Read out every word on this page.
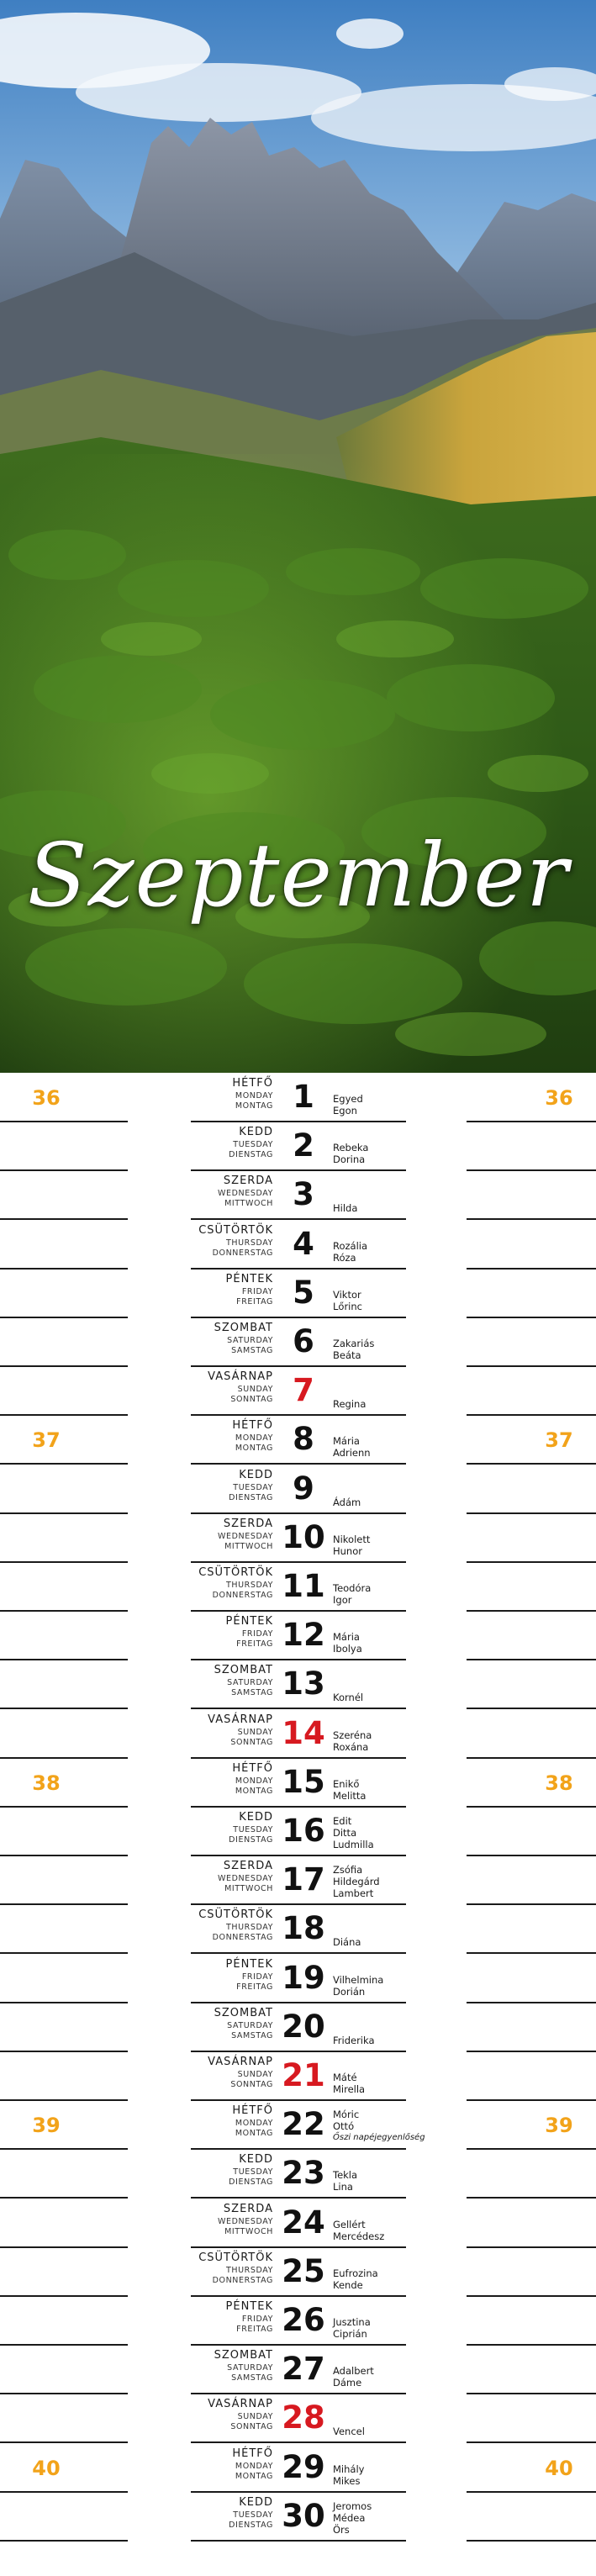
Szeptember
36	36
HÉTFŐ
MONDAY
MONTAG 1	Egyed
Egon
KEDD
TUESDAY
DIENSTAG 2	Rebeka
Dorina
SZERDA
WEDNESDAY
MITTWOCH 3	Hilda
CSÜTÖRTÖK
THURSDAY
DONNERSTAG 4	Rozália
Róza
PÉNTEK
FRIDAY
FREITAG 5	Viktor
Lőrinc
SZOMBAT
SATURDAY
SAMSTAG 6	Zakariás
Beáta
VASÁRNAP
SUNDAY
SONNTAG 7	Regina
37	37
HÉTFŐ
MONDAY
MONTAG 8	Mária
Adrienn
KEDD
TUESDAY
DIENSTAG 9	Ádám
SZERDA
WEDNESDAY
MITTWOCH 10 Nikolett
Hunor
CSÜTÖRTÖK
THURSDAY
DONNERSTAG 11 Teodóra
Igor
PÉNTEK
FRIDAY
FREITAG 12 Mária
Ibolya
SZOMBAT
SATURDAY
SAMSTAG 13 Kornél
VASÁRNAP
SUNDAY
SONNTAG 14 Szeréna
Roxána
38	38
HÉTFŐ
MONDAY
MONTAG 15 Enikő
Melitta
KEDD
TUESDAY
DIENSTAG 16 Edit
Ditta
Ludmilla
SZERDA
WEDNESDAY
MITTWOCH 17 Zsófia
Hildegárd
Lambert
CSÜTÖRTÖK
THURSDAY
DONNERSTAG 18 Diána
PÉNTEK
FRIDAY
FREITAG 19 Vilhelmina
Dorián
SZOMBAT
SATURDAY
SAMSTAG 20 Friderika
VASÁRNAP
SUNDAY
SONNTAG 21 Máté
Mirella
39	39
HÉTFŐ
MONDAY
MONTAG 22 Móric
Ottó
Őszi napéjegyenlőség
KEDD
TUESDAY
DIENSTAG 23 Tekla
Lina
SZERDA
WEDNESDAY
MITTWOCH 24 Gellért
Mercédesz
CSÜTÖRTÖK
THURSDAY
DONNERSTAG 25 Eufrozina
Kende
PÉNTEK
FRIDAY
FREITAG 26 Jusztina
Ciprián
SZOMBAT
SATURDAY
SAMSTAG 27 Adalbert
Dáme
VASÁRNAP
SUNDAY
SONNTAG 28 Vencel
40	40
HÉTFŐ
MONDAY
MONTAG 29 Mihály
Mikes
KEDD
TUESDAY
DIENSTAG 30 Jeromos
Médea
Örs
